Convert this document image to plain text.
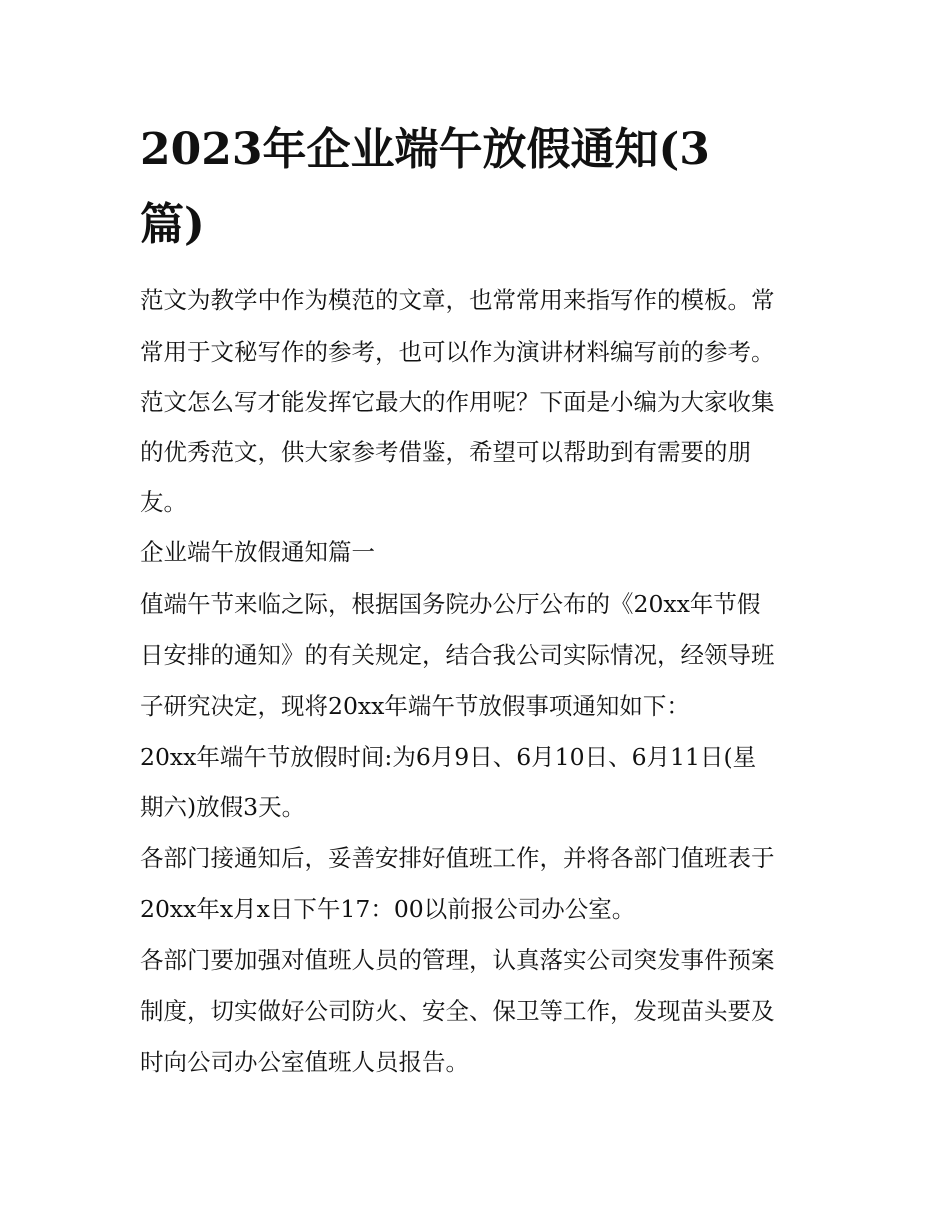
2023年企业端午放假通知(3
篇)
范文为教学中作为模范的文章，也常常用来指写作的模板。常
常用于文秘写作的参考，也可以作为演讲材料编写前的参考。
范文怎么写才能发挥它最大的作用呢？下面是小编为大家收集
的优秀范文，供大家参考借鉴，希望可以帮助到有需要的朋
友。
企业端午放假通知篇一
值端午节来临之际，根据国务院办公厅公布的《20xx年节假
日安排的通知》的有关规定，结合我公司实际情况，经领导班
子研究决定，现将20xx年端午节放假事项通知如下：
20xx年端午节放假时间:为6月9日、6月10日、6月11日(星
期六)放假3天。
各部门接通知后，妥善安排好值班工作，并将各部门值班表于
20xx年x月x日下午17：00以前报公司办公室。
各部门要加强对值班人员的管理，认真落实公司突发事件预案
制度，切实做好公司防火、安全、保卫等工作，发现苗头要及
时向公司办公室值班人员报告。
